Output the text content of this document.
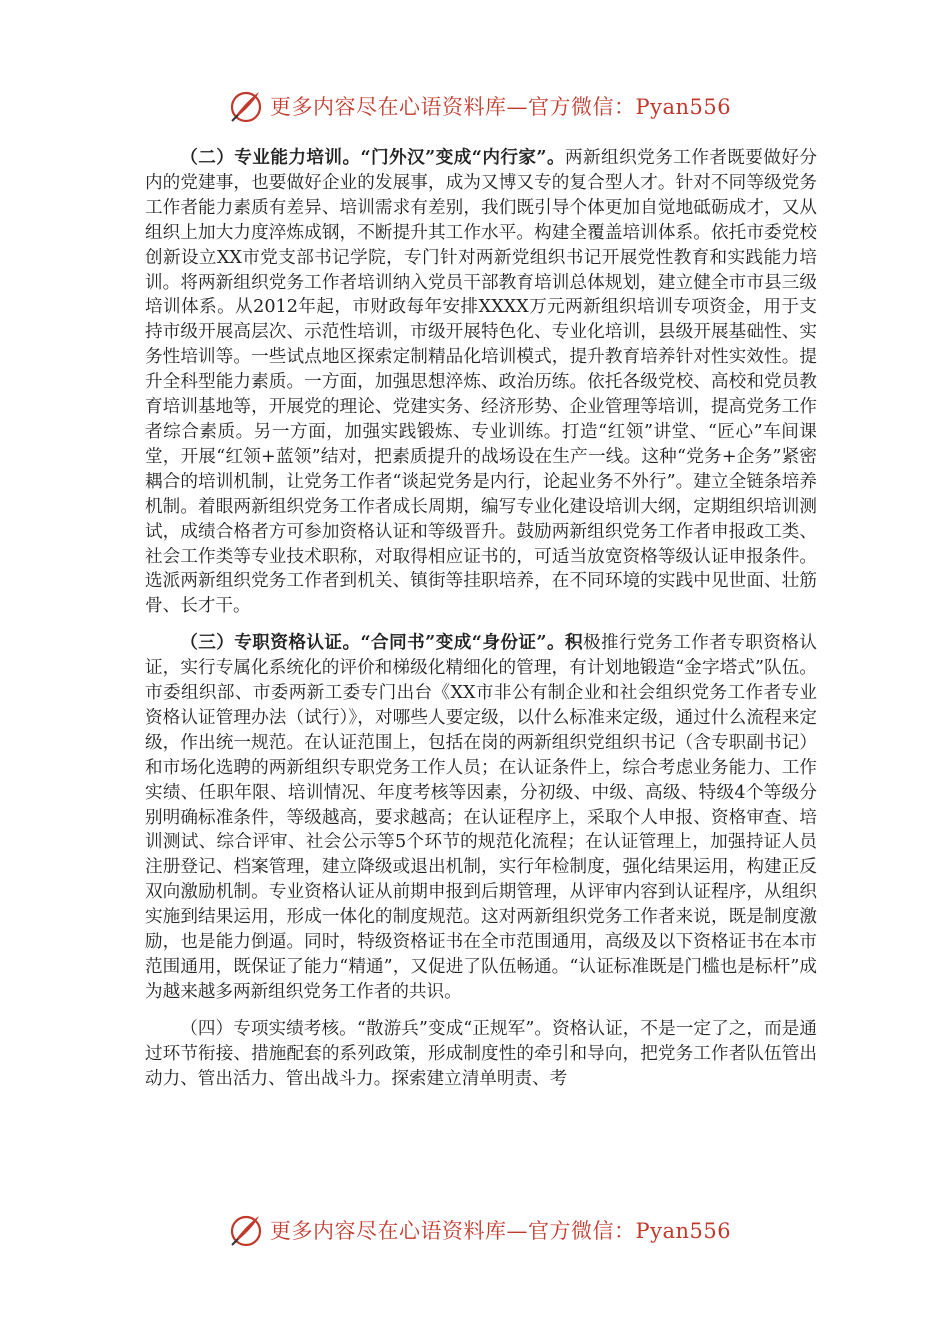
更多内容尽在心语资料库—官方微信：Pyan556

（二）专业能力培训。“门外汉”变成“内行家”。两新组织党务工作者既要做好分内的党建事，也要做好企业的发展事，成为又博又专的复合型人才。针对不同等级党务工作者能力素质有差异、培训需求有差别，我们既引导个体更加自觉地砥砺成才，又从组织上加大力度淬炼成钢，不断提升其工作水平。构建全覆盖培训体系。依托市委党校创新设立XX市党支部书记学院，专门针对两新党组织书记开展党性教育和实践能力培训。将两新组织党务工作者培训纳入党员干部教育培训总体规划，建立健全市市县三级培训体系。从2012年起，市财政每年安排XXXX万元两新组织培训专项资金，用于支持市级开展高层次、示范性培训，市级开展特色化、专业化培训，县级开展基础性、实务性培训等。一些试点地区探索定制精品化培训模式，提升教育培养针对性实效性。提升全科型能力素质。一方面，加强思想淬炼、政治历练。依托各级党校、高校和党员教育培训基地等，开展党的理论、党建实务、经济形势、企业管理等培训，提高党务工作者综合素质。另一方面，加强实践锻炼、专业训练。打造“红领”讲堂、“匠心”车间课堂，开展“红领+蓝领”结对，把素质提升的战场设在生产一线。这种“党务+企务”紧密耦合的培训机制，让党务工作者“谈起党务是内行，论起业务不外行”。建立全链条培养机制。着眼两新组织党务工作者成长周期，编写专业化建设培训大纲，定期组织培训测试，成绩合格者方可参加资格认证和等级晋升。鼓励两新组织党务工作者申报政工类、社会工作类等专业技术职称，对取得相应证书的，可适当放宽资格等级认证申报条件。选派两新组织党务工作者到机关、镇街等挂职培养，在不同环境的实践中见世面、壮筋骨、长才干。

（三）专职资格认证。“合同书”变成“身份证”。积极推行党务工作者专职资格认证，实行专属化系统化的评价和梯级化精细化的管理，有计划地锻造“金字塔式”队伍。市委组织部、市委两新工委专门出台《XX市非公有制企业和社会组织党务工作者专业资格认证管理办法（试行）》，对哪些人要定级，以什么标准来定级，通过什么流程来定级，作出统一规范。在认证范围上，包括在岗的两新组织党组织书记（含专职副书记）和市场化选聘的两新组织专职党务工作人员；在认证条件上，综合考虑业务能力、工作实绩、任职年限、培训情况、年度考核等因素，分初级、中级、高级、特级4个等级分别明确标准条件，等级越高，要求越高；在认证程序上，采取个人申报、资格审查、培训测试、综合评审、社会公示等5个环节的规范化流程；在认证管理上，加强持证人员注册登记、档案管理，建立降级或退出机制，实行年检制度，强化结果运用，构建正反双向激励机制。专业资格认证从前期申报到后期管理，从评审内容到认证程序，从组织实施到结果运用，形成一体化的制度规范。这对两新组织党务工作者来说，既是制度激励，也是能力倒逼。同时，特级资格证书在全市范围通用，高级及以下资格证书在本市范围通用，既保证了能力“精通”，又促进了队伍畅通。“认证标准既是门槛也是标杆”成为越来越多两新组织党务工作者的共识。

（四）专项实绩考核。“散游兵”变成“正规军”。资格认证，不是一定了之，而是通过环节衔接、措施配套的系列政策，形成制度性的牵引和导向，把党务工作者队伍管出动力、管出活力、管出战斗力。探索建立清单明责、考

更多内容尽在心语资料库—官方微信：Pyan556
